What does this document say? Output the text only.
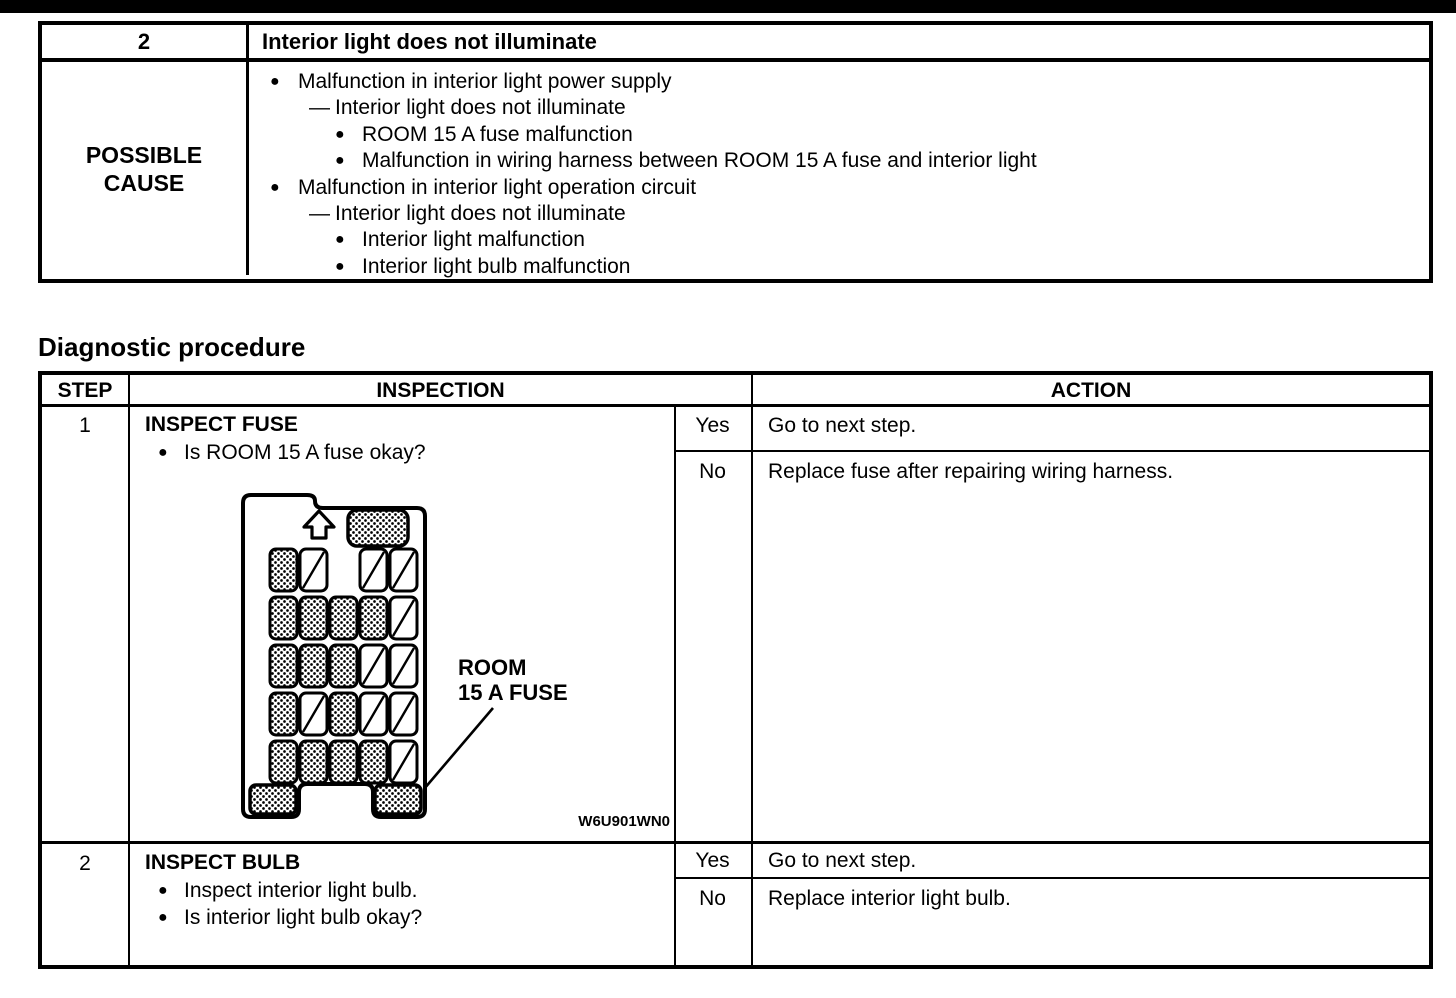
2	Interior light does not illuminate
POSSIBLE CAUSE
● Malfunction in interior light power supply
— Interior light does not illuminate
● ROOM 15 A fuse malfunction
● Malfunction in wiring harness between ROOM 15 A fuse and interior light
● Malfunction in interior light operation circuit
— Interior light does not illuminate
● Interior light malfunction
● Interior light bulb malfunction
Diagnostic procedure
STEP	INSPECTION	ACTION
1	INSPECT FUSE
● Is ROOM 15 A fuse okay?
Yes	Go to next step.
No	Replace fuse after repairing wiring harness.
ROOM
15 A FUSE
W6U901WN0
2	INSPECT BULB
● Inspect interior light bulb.
● Is interior light bulb okay?
Yes	Go to next step.
No	Replace interior light bulb.
